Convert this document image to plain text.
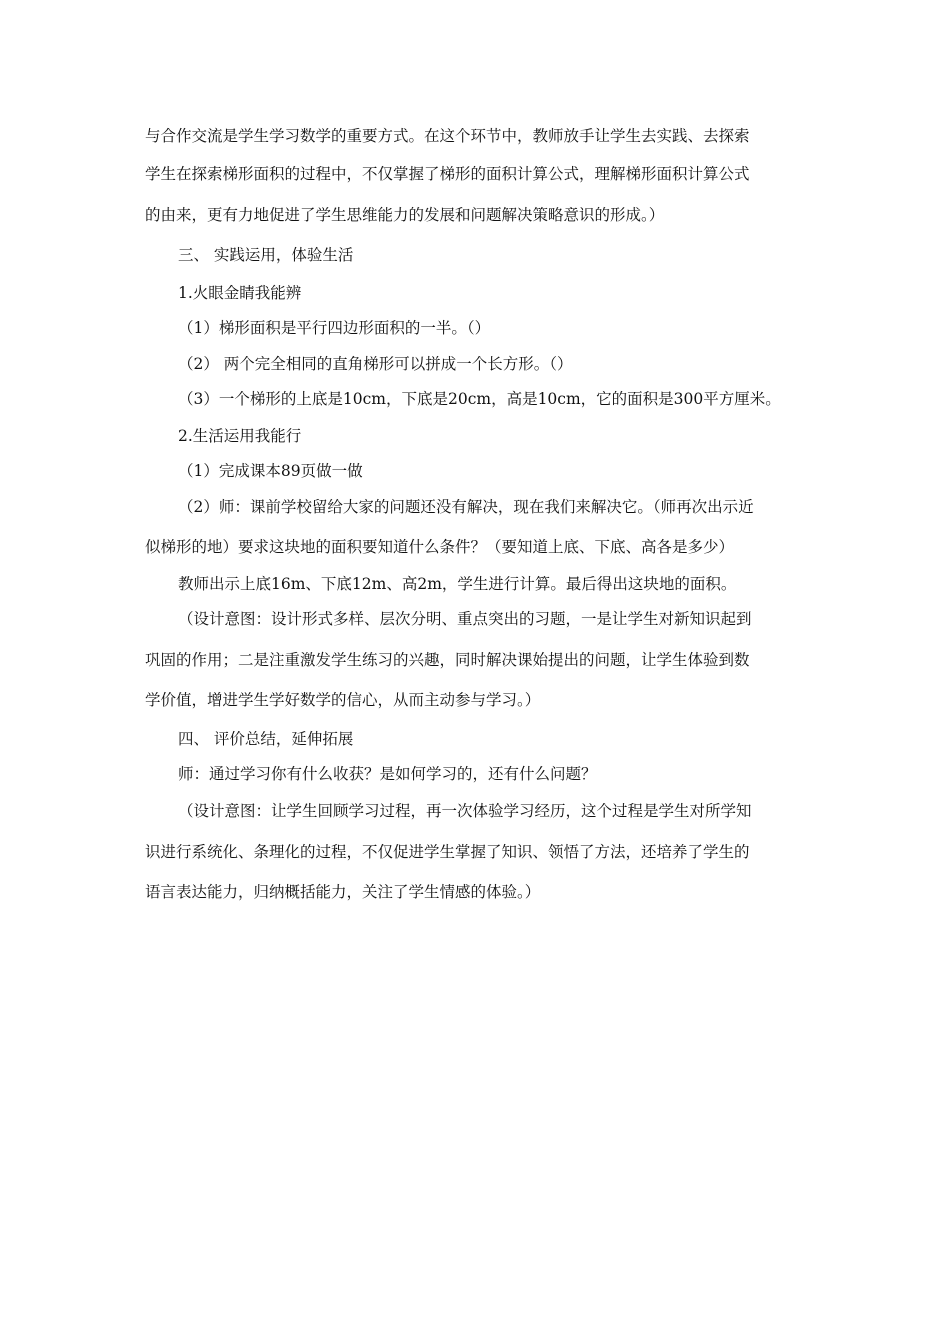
与合作交流是学生学习数学的重要方式。在这个环节中，教师放手让学生去实践、去探索
学生在探索梯形面积的过程中，不仅掌握了梯形的面积计算公式，理解梯形面积计算公式
的由来，更有力地促进了学生思维能力的发展和问题解决策略意识的形成。）
三、 实践运用，体验生活
1.火眼金睛我能辨
（1）梯形面积是平行四边形面积的一半。（）
（2） 两个完全相同的直角梯形可以拼成一个长方形。（）
（3）一个梯形的上底是10cm，下底是20cm，高是10cm，它的面积是300平方厘米。
2.生活运用我能行
（1）完成课本89页做一做
（2）师：课前学校留给大家的问题还没有解决，现在我们来解决它。（师再次出示近
似梯形的地）要求这块地的面积要知道什么条件？（要知道上底、下底、高各是多少）
教师出示上底16m、下底12m、高2m，学生进行计算。最后得出这块地的面积。
（设计意图：设计形式多样、层次分明、重点突出的习题，一是让学生对新知识起到
巩固的作用；二是注重激发学生练习的兴趣，同时解决课始提出的问题，让学生体验到数
学价值，增进学生学好数学的信心，从而主动参与学习。）
四、 评价总结，延伸拓展
师：通过学习你有什么收获？是如何学习的，还有什么问题？
（设计意图：让学生回顾学习过程，再一次体验学习经历，这个过程是学生对所学知
识进行系统化、条理化的过程，不仅促进学生掌握了知识、领悟了方法，还培养了学生的
语言表达能力，归纳概括能力，关注了学生情感的体验。）
